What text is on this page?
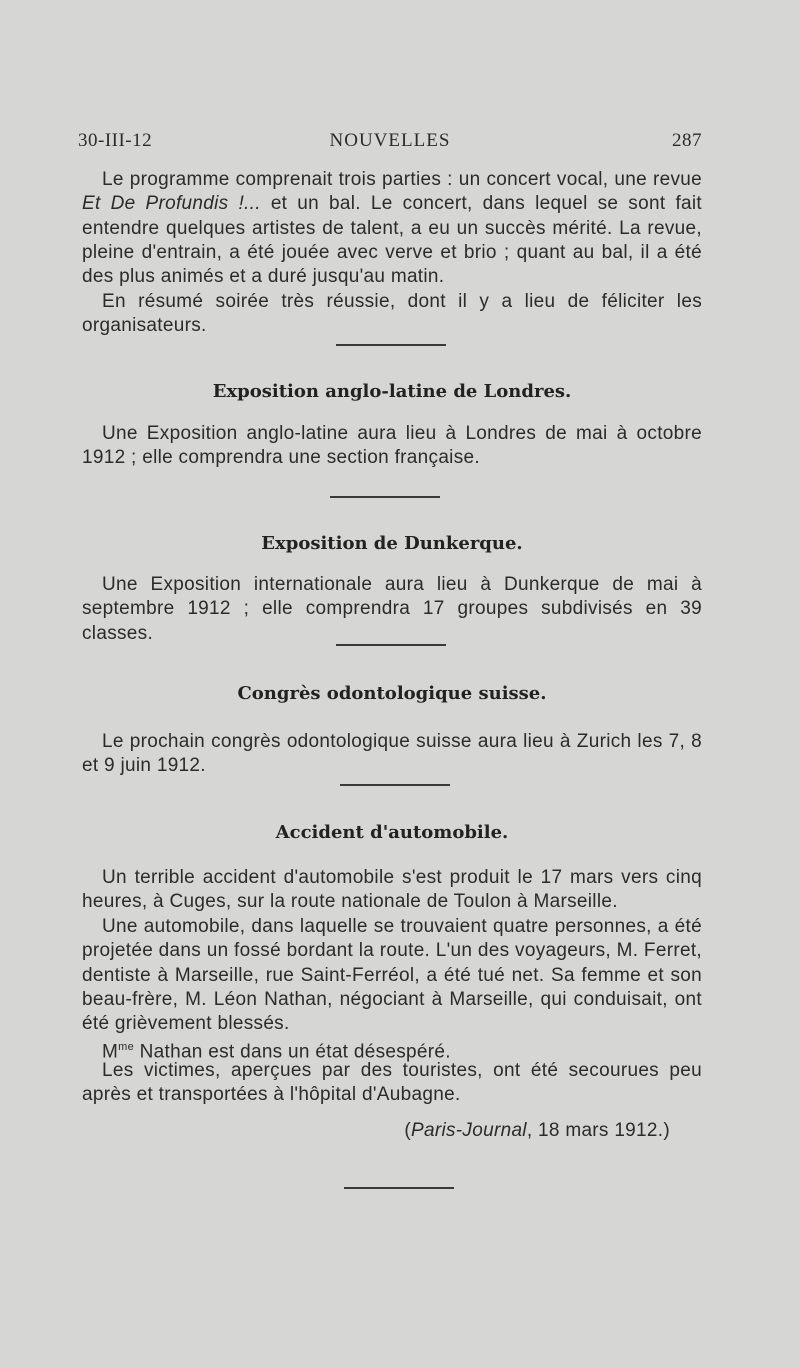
30-III-12	NOUVELLES	287

Le programme comprenait trois parties : un concert vocal, une revue Et De Profundis !... et un bal. Le concert, dans lequel se sont fait entendre quelques artistes de talent, a eu un succès mérité. La revue, pleine d'entrain, a été jouée avec verve et brio ; quant au bal, il a été des plus animés et a duré jusqu'au matin.

En résumé soirée très réussie, dont il y a lieu de féliciter les organisateurs.

Exposition anglo-latine de Londres.

Une Exposition anglo-latine aura lieu à Londres de mai à octobre 1912 ; elle comprendra une section française.

Exposition de Dunkerque.

Une Exposition internationale aura lieu à Dunkerque de mai à septembre 1912 ; elle comprendra 17 groupes subdivisés en 39 classes.

Congrès odontologique suisse.

Le prochain congrès odontologique suisse aura lieu à Zurich les 7, 8 et 9 juin 1912.

Accident d'automobile.

Un terrible accident d'automobile s'est produit le 17 mars vers cinq heures, à Cuges, sur la route nationale de Toulon à Marseille.

Une automobile, dans laquelle se trouvaient quatre personnes, a été projetée dans un fossé bordant la route. L'un des voyageurs, M. Ferret, dentiste à Marseille, rue Saint-Ferréol, a été tué net. Sa femme et son beau-frère, M. Léon Nathan, négociant à Marseille, qui conduisait, ont été grièvement blessés.

$M^{me}$ Nathan est dans un état désespéré.

Les victimes, aperçues par des touristes, ont été secourues peu après et transportées à l'hôpital d'Aubagne.

(Paris-Journal, 18 mars 1912.)
